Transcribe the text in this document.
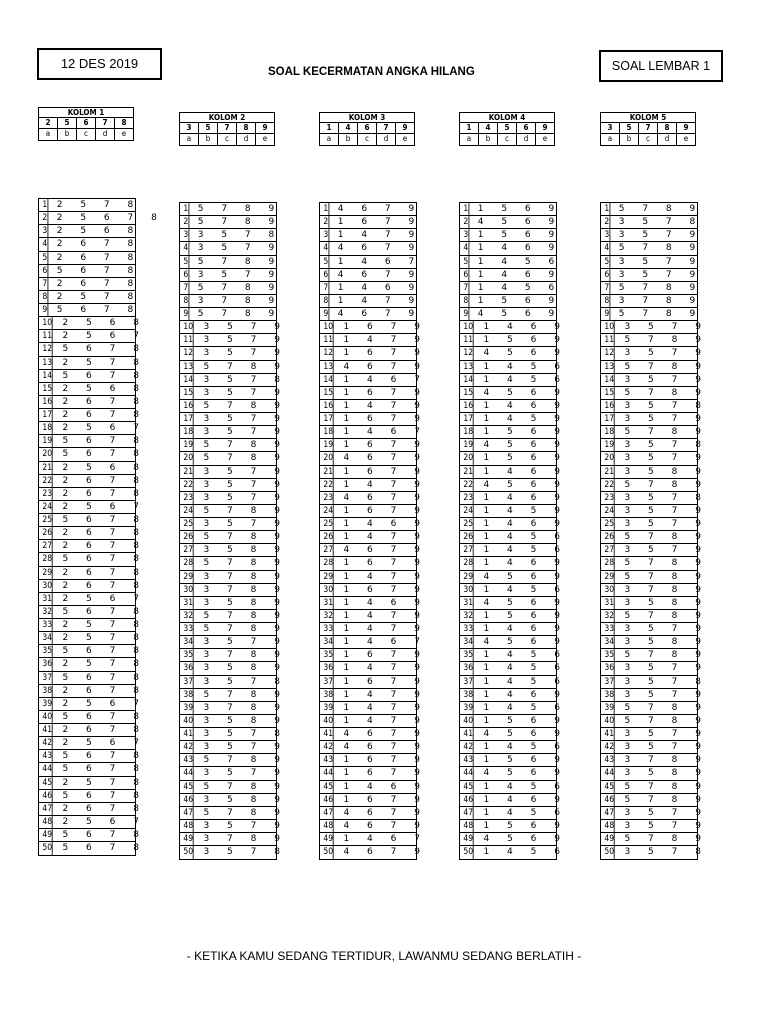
12 DES 2019
SOAL KECERMATAN ANGKA HILANG	SOAL LEMBAR 1
KOLOM 1
2	5	6	7	8
a	b	c	d	e
KOLOM 2
3	5	7	8	9
a	b	c	d	e
KOLOM 3
1	4	6	7	9
a	b	c	d	e
KOLOM 4
1	4	5	6	9
a	b	c	d	e
KOLOM 5
3	5	7	8	9
a	b	c	d	e
1	2 5 7 8
2	2 5 6 7 8
3	2 5 6 8
4	2 6 7 8
5	2 6 7 8
6	5 6 7 8
7	2 6 7 8
8	2 5 7 8
9	5 6 7 8
10	2 5 6 8
11	2 5 6 7
12	5 6 7 8
13	2 5 7 8
14	5 6 7 8
15	2 5 6 8
16	2 6 7 8
17	2 6 7 8
18	2 5 6 7
19	5 6 7 8
20	5 6 7 8
21	2 5 6 8
22	2 6 7 8
23	2 6 7 8
24	2 5 6 7
25	5 6 7 8
26	2 6 7 8
27	2 6 7 8
28	5 6 7 8
29	2 6 7 8
30	2 6 7 8
31	2 5 6 7
32	5 6 7 8
33	2 5 7 8
34	2 5 7 8
35	5 6 7 8
36	2 5 7 8
37	5 6 7 8
38	2 6 7 8
39	2 5 6 7
40	5 6 7 8
41	2 6 7 8
42	2 5 6 7
43	5 6 7 8
44	5 6 7 8
45	2 5 7 8
46	5 6 7 8
47	2 6 7 8
48	2 5 6 7
49	5 6 7 8
50	5 6 7 8
1	5 7 8 9
2	5 7 8 9
3	3 5 7 8
4	3 5 7 9
5	5 7 8 9
6	3 5 7 9
7	5 7 8 9
8	3 7 8 9
9	5 7 8 9
10	3 5 7 9
11	3 5 7 9
12	3 5 7 9
13	5 7 8 9
14	3 5 7 8
15	3 5 7 9
16	5 7 8 9
17	3 5 7 9
18	3 5 7 9
19	5 7 8 9
20	5 7 8 9
21	3 5 7 9
22	3 5 7 9
23	3 5 7 9
24	5 7 8 9
25	3 5 7 9
26	5 7 8 9
27	3 5 8 9
28	5 7 8 9
29	3 7 8 9
30	3 7 8 9
31	3 5 8 9
32	5 7 8 9
33	5 7 8 9
34	3 5 7 9
35	3 7 8 9
36	3 5 8 9
37	3 5 7 8
38	5 7 8 9
39	3 7 8 9
40	3 5 8 9
41	3 5 7 8
42	3 5 7 9
43	5 7 8 9
44	3 5 7 9
45	5 7 8 9
46	3 5 8 9
47	5 7 8 9
48	3 5 7 9
49	3 7 8 9
50	3 5 7 8
1	4 6 7 9
2	1 6 7 9
3	1 4 7 9
4	4 6 7 9
5	1 4 6 7
6	4 6 7 9
7	1 4 6 9
8	1 4 7 9
9	4 6 7 9
10	1 6 7 9
11	1 4 7 9
12	1 6 7 9
13	4 6 7 9
14	1 4 6 7
15	1 6 7 9
16	1 4 7 9
17	1 6 7 9
18	1 4 6 7
19	1 6 7 9
20	4 6 7 9
21	1 6 7 9
22	1 4 7 9
23	4 6 7 9
24	1 6 7 9
25	1 4 6 9
26	1 4 7 9
27	4 6 7 9
28	1 6 7 9
29	1 4 7 9
30	1 6 7 9
31	1 4 6 9
32	1 4 7 9
33	1 4 7 9
34	1 4 6 7
35	1 6 7 9
36	1 4 7 9
37	1 6 7 9
38	1 4 7 9
39	1 4 7 9
40	1 4 7 9
41	4 6 7 9
42	4 6 7 9
43	1 6 7 9
44	1 6 7 9
45	1 4 6 9
46	1 6 7 9
47	4 6 7 9
48	4 6 7 9
49	1 4 6 7
50	4 6 7 9
1	1 5 6 9
2	4 5 6 9
3	1 5 6 9
4	1 4 6 9
5	1 4 5 6
6	1 4 6 9
7	1 4 5 6
8	1 5 6 9
9	4 5 6 9
10	1 4 6 9
11	1 5 6 9
12	4 5 6 9
13	1 4 5 6
14	1 4 5 6
15	4 5 6 9
16	1 4 6 9
17	1 4 5 9
18	1 5 6 9
19	4 5 6 9
20	1 5 6 9
21	1 4 6 9
22	4 5 6 9
23	1 4 6 9
24	1 4 5 9
25	1 4 6 9
26	1 4 5 6
27	1 4 5 6
28	1 4 6 9
29	4 5 6 9
30	1 4 5 6
31	4 5 6 9
32	1 5 6 9
33	1 4 6 9
34	4 5 6 9
35	1 4 5 6
36	1 4 5 6
37	1 4 5 6
38	1 4 6 9
39	1 4 5 6
40	1 5 6 9
41	4 5 6 9
42	1 4 5 6
43	1 5 6 9
44	4 5 6 9
45	1 4 5 6
46	1 4 6 9
47	1 4 5 6
48	1 5 6 9
49	4 5 6 9
50	1 4 5 6
1	5 7 8 9
2	3 5 7 8
3	3 5 7 9
4	5 7 8 9
5	3 5 7 9
6	3 5 7 9
7	5 7 8 9
8	3 7 8 9
9	5 7 8 9
10	3 5 7 9
11	5 7 8 9
12	3 5 7 9
13	5 7 8 9
14	3 5 7 9
15	5 7 8 9
16	3 5 7 8
17	3 5 7 9
18	5 7 8 9
19	3 5 7 8
20	3 5 7 9
21	3 5 8 9
22	5 7 8 9
23	3 5 7 8
24	3 5 7 9
25	3 5 7 9
26	5 7 8 9
27	3 5 7 9
28	5 7 8 9
29	5 7 8 9
30	3 7 8 9
31	3 5 8 9
32	5 7 8 9
33	3 5 7 9
34	3 5 8 9
35	5 7 8 9
36	3 5 7 9
37	3 5 7 8
38	3 5 7 9
39	5 7 8 9
40	5 7 8 9
41	3 5 7 9
42	3 5 7 9
43	3 7 8 9
44	3 5 8 9
45	5 7 8 9
46	5 7 8 9
47	3 5 7 9
48	3 5 7 9
49	5 7 8 9
50	3 5 7 8
- KETIKA KAMU SEDANG TERTIDUR, LAWANMU SEDANG BERLATIH -
